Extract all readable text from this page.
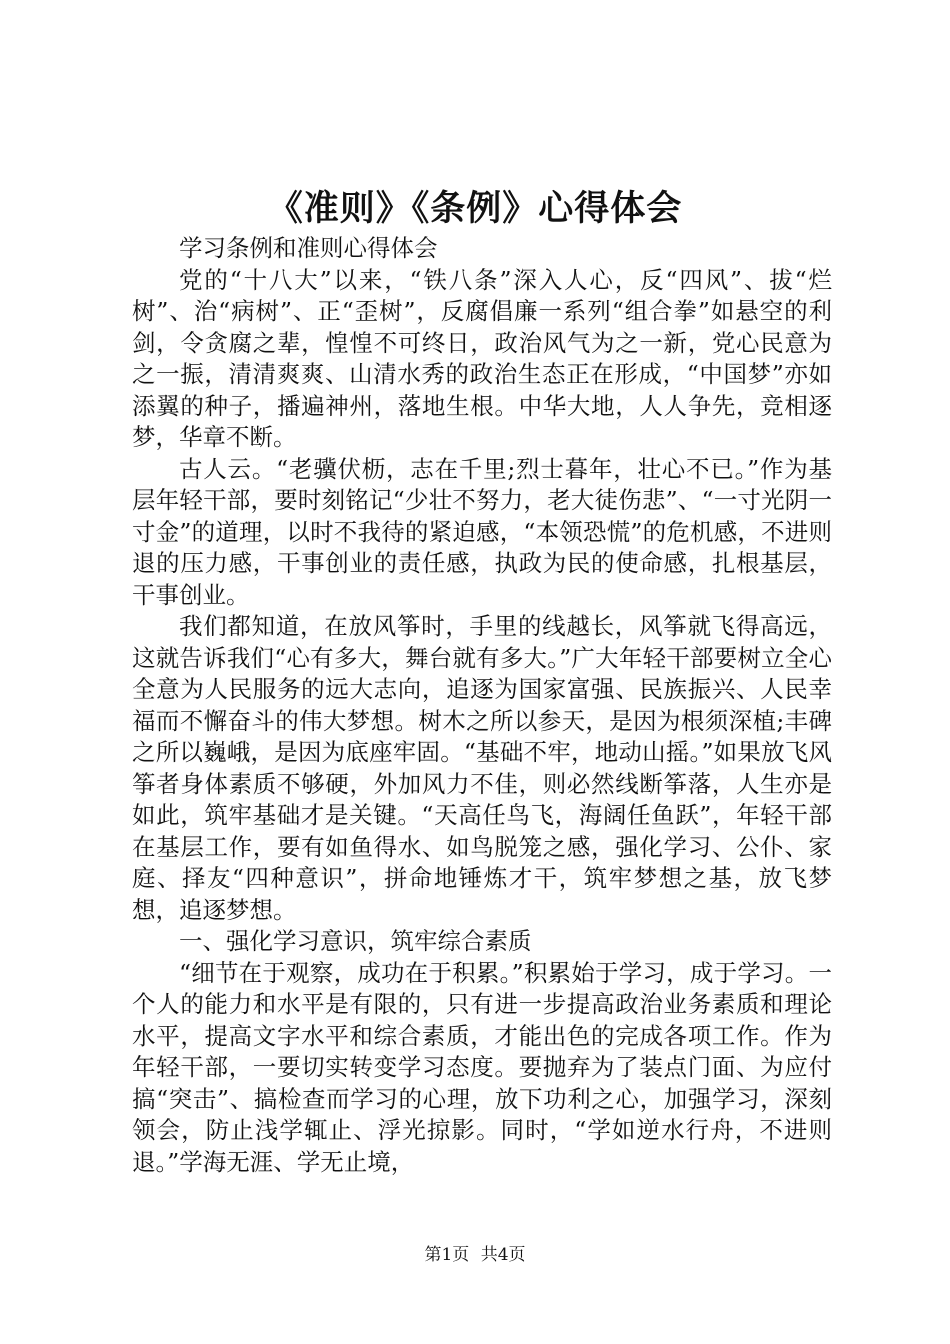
《准则》《条例》心得体会

学习条例和准则心得体会

党的“十八大”以来，“铁八条”深入人心，反“四风”、拔“烂树”、治“病树”、正“歪树”，反腐倡廉一系列“组合拳”如悬空的利剑，令贪腐之辈，惶惶不可终日，政治风气为之一新，党心民意为之一振，清清爽爽、山清水秀的政治生态正在形成，“中国梦”亦如添翼的种子，播遍神州，落地生根。中华大地，人人争先，竞相逐梦，华章不断。

古人云。“老骥伏枥，志在千里;烈士暮年，壮心不已。”作为基层年轻干部，要时刻铭记“少壮不努力，老大徒伤悲”、“一寸光阴一寸金”的道理，以时不我待的紧迫感，“本领恐慌”的危机感，不进则退的压力感，干事创业的责任感，执政为民的使命感，扎根基层，干事创业。

我们都知道，在放风筝时，手里的线越长，风筝就飞得高远，这就告诉我们“心有多大，舞台就有多大。”广大年轻干部要树立全心全意为人民服务的远大志向，追逐为国家富强、民族振兴、人民幸福而不懈奋斗的伟大梦想。树木之所以参天，是因为根须深植;丰碑之所以巍峨，是因为底座牢固。“基础不牢，地动山摇。”如果放飞风筝者身体素质不够硬，外加风力不佳，则必然线断筝落，人生亦是如此，筑牢基础才是关键。“天高任鸟飞，海阔任鱼跃”，年轻干部在基层工作，要有如鱼得水、如鸟脱笼之感，强化学习、公仆、家庭、择友“四种意识”，拼命地锤炼才干，筑牢梦想之基，放飞梦想，追逐梦想。

一、强化学习意识，筑牢综合素质

“细节在于观察，成功在于积累。”积累始于学习，成于学习。一个人的能力和水平是有限的，只有进一步提高政治业务素质和理论水平，提高文字水平和综合素质，才能出色的完成各项工作。作为年轻干部，一要切实转变学习态度。要抛弃为了装点门面、为应付搞“突击”、搞检查而学习的心理，放下功利之心，加强学习，深刻领会，防止浅学辄止、浮光掠影。同时，“学如逆水行舟，不进则退。”学海无涯、学无止境，

第1页 共4页
